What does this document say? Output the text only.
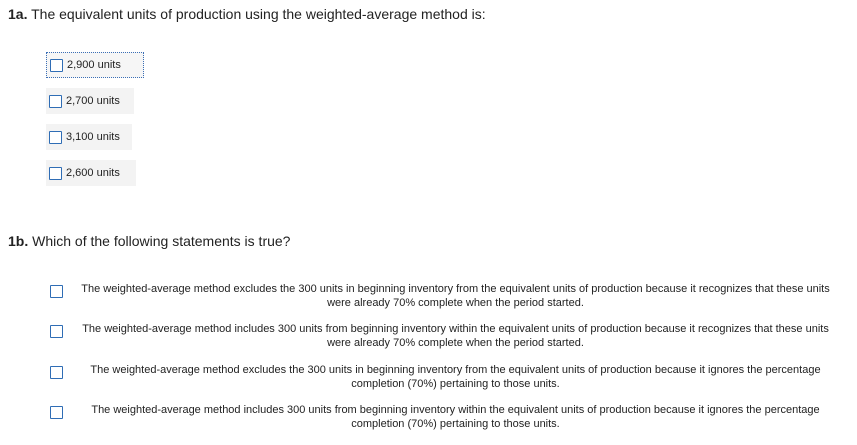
1a. The equivalent units of production using the weighted-average method is:
2,900 units
2,700 units
3,100 units
2,600 units
1b. Which of the following statements is true?
The weighted-average method excludes the 300 units in beginning inventory from the equivalent units of production because it recognizes that these units were already 70% complete when the period started.
The weighted-average method includes 300 units from beginning inventory within the equivalent units of production because it recognizes that these units were already 70% complete when the period started.
The weighted-average method excludes the 300 units in beginning inventory from the equivalent units of production because it ignores the percentage completion (70%) pertaining to those units.
The weighted-average method includes 300 units from beginning inventory within the equivalent units of production because it ignores the percentage completion (70%) pertaining to those units.
